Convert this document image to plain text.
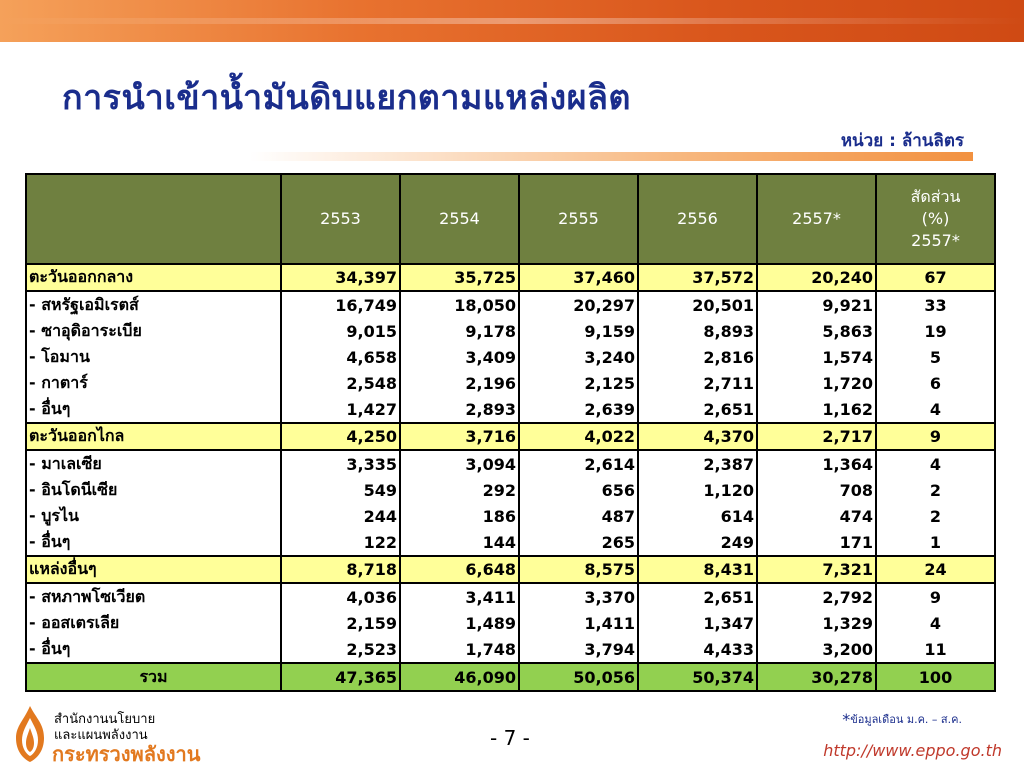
การนำเข้าน้ำมันดิบแยกตามแหล่งผลิต
หน่วย : ล้านลิตร
	2553	2554	2555	2556	2557*	สัดส่วน
(%)
2557*

ตะวันออกกลาง	34,397	35,725	37,460	37,572	20,240	67
- สหรัฐเอมิเรตส์	16,749	18,050	20,297	20,501	9,921	33
- ซาอุดิอาระเบีย	9,015	9,178	9,159	8,893	5,863	19
- โอมาน	4,658	3,409	3,240	2,816	1,574	5
- กาตาร์	2,548	2,196	2,125	2,711	1,720	6
- อื่นๆ	1,427	2,893	2,639	2,651	1,162	4
ตะวันออกไกล	4,250	3,716	4,022	4,370	2,717	9
- มาเลเซีย	3,335	3,094	2,614	2,387	1,364	4
- อินโดนีเซีย	549	292	656	1,120	708	2
- บูรไน	244	186	487	614	474	2
- อื่นๆ	122	144	265	249	171	1
แหล่งอื่นๆ	8,718	6,648	8,575	8,431	7,321	24
- สหภาพโซเวียต	4,036	3,411	3,370	2,651	2,792	9
- ออสเตรเลีย	2,159	1,489	1,411	1,347	1,329	4
- อื่นๆ	2,523	1,748	3,794	4,433	3,200	11
รวม	47,365	46,090	50,056	50,374	30,278	100
*ข้อมูลเดือน ม.ค. – ส.ค.
- 7 -
สำนักงานนโยบาย
และแผนพลังงาน
กระทรวงพลังงาน	http://www.eppo.go.th
